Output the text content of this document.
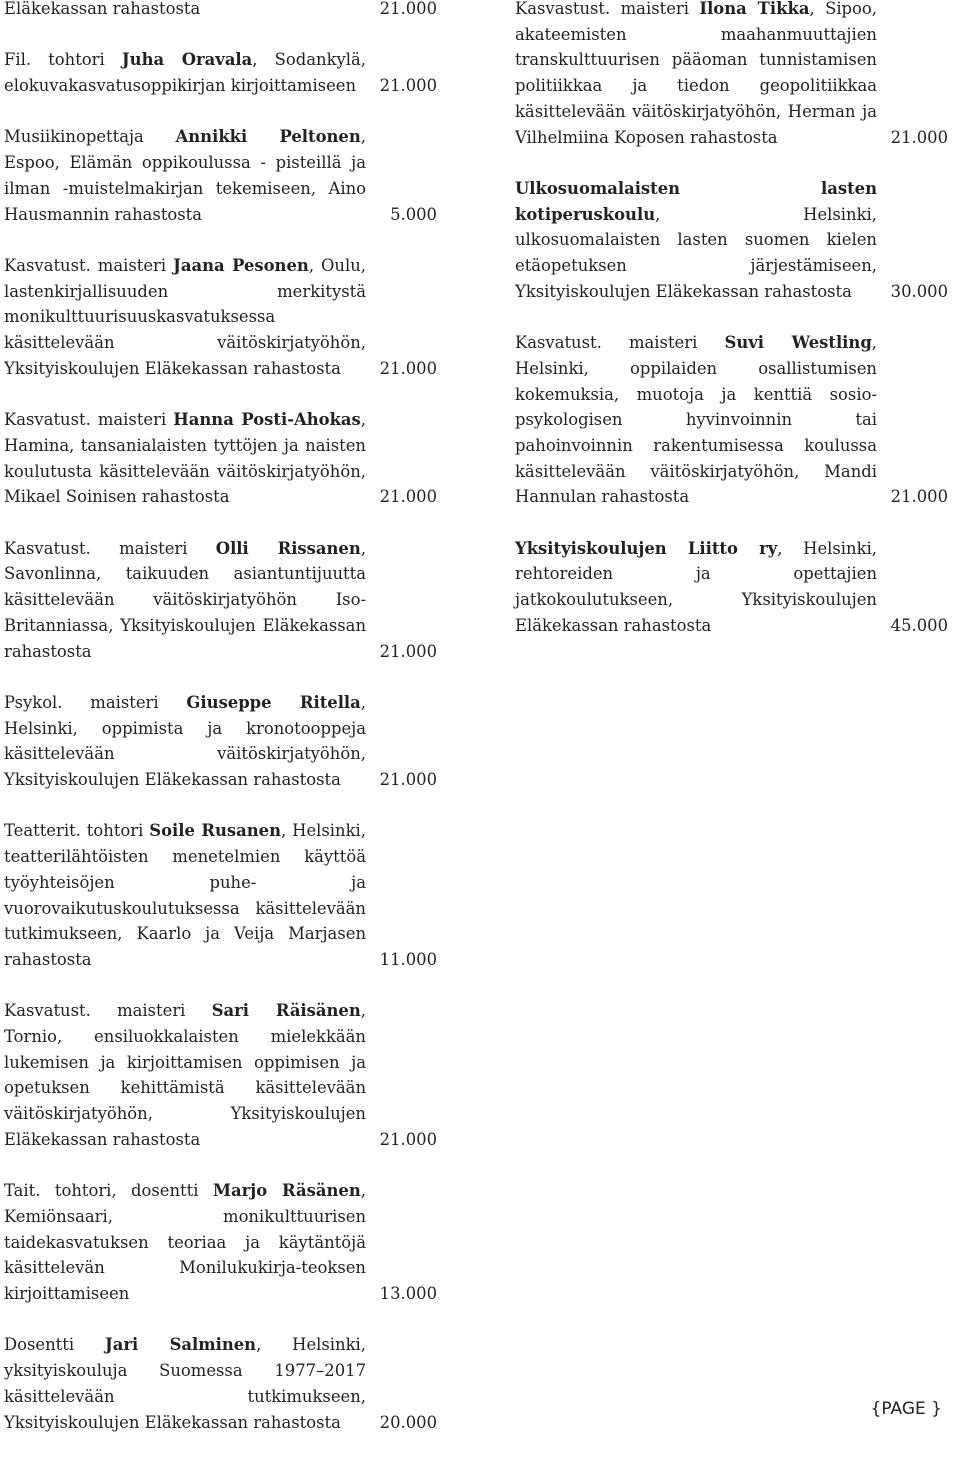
Eläkekassan rahastosta	21.000
Fil. tohtori Juha Oravala, Sodankylä, elokuvakasvatusoppikirjan kirjoittamiseen	21.000
Musiikinopettaja Annikki Peltonen, Espoo, Elämän oppikoulussa - pisteillä ja ilman -muistelmakirjan tekemiseen, Aino Hausmannin rahastosta	5.000
Kasvatust. maisteri Jaana Pesonen, Oulu, lastenkirjallisuuden merkitystä monikulttuurisuuskasvatuksessa käsittelevään väitöskirjatyöhön, Yksityiskoulujen Eläkekassan rahastosta	21.000
Kasvatust. maisteri Hanna Posti-Ahokas, Hamina, tansanialaisten tyttöjen ja naisten koulutusta käsittelevään väitöskirjatyöhön, Mikael Soinisen rahastosta	21.000
Kasvatust. maisteri Olli Rissanen, Savonlinna, taikuuden asiantuntijuutta käsittelevään väitöskirjatyöhön Iso-Britanniassa, Yksityiskoulujen Eläkekassan rahastosta	21.000
Psykol. maisteri Giuseppe Ritella, Helsinki, oppimista ja kronotooppeja käsittelevään väitöskirjatyöhön, Yksityiskoulujen Eläkekassan rahastosta	21.000
Teatterit. tohtori Soile Rusanen, Helsinki, teatterilähtöisten menetelmien käyttöä työyhteisöjen puhe- ja vuorovaikutuskoulutuksessa käsittelevään tutkimukseen, Kaarlo ja Veija Marjasen rahastosta	11.000
Kasvatust. maisteri Sari Räisänen, Tornio, ensiluokkalaisten mielekkään lukemisen ja kirjoittamisen oppimisen ja opetuksen kehittämistä käsittelevään väitöskirjatyöhön, Yksityiskoulujen Eläkekassan rahastosta	21.000
Tait. tohtori, dosentti Marjo Räsänen, Kemiönsaari, monikulttuurisen taidekasvatuksen teoriaa ja käytäntöjä käsittelevän Monilukukirja-teoksen kirjoittamiseen	13.000
Dosentti Jari Salminen, Helsinki, yksityiskouluja Suomessa 1977–2017 käsittelevään tutkimukseen, Yksityiskoulujen Eläkekassan rahastosta	20.000
Kasvastust. maisteri Ilona Tikka, Sipoo, akateemisten maahanmuuttajien transkulttuurisen pääoman tunnistamisen politiikkaa ja tiedon geopolitiikkaa käsittelevään väitöskirjatyöhön, Herman ja Vilhelmiina Koposen rahastosta	21.000
Ulkosuomalaisten lasten kotiperuskoulu, Helsinki, ulkosuomalaisten lasten suomen kielen etäopetuksen järjestämiseen, Yksityiskoulujen Eläkekassan rahastosta	30.000
Kasvatust. maisteri Suvi Westling, Helsinki, oppilaiden osallistumisen kokemuksia, muotoja ja kenttiä sosio-psykologisen hyvinvoinnin tai pahoinvoinnin rakentumisessa koulussa käsittelevään väitöskirjatyöhön, Mandi Hannulan rahastosta	21.000
Yksityiskoulujen Liitto ry, Helsinki, rehtoreiden ja opettajien jatkokoulutukseen, Yksityiskoulujen Eläkekassan rahastosta	45.000
{PAGE }
